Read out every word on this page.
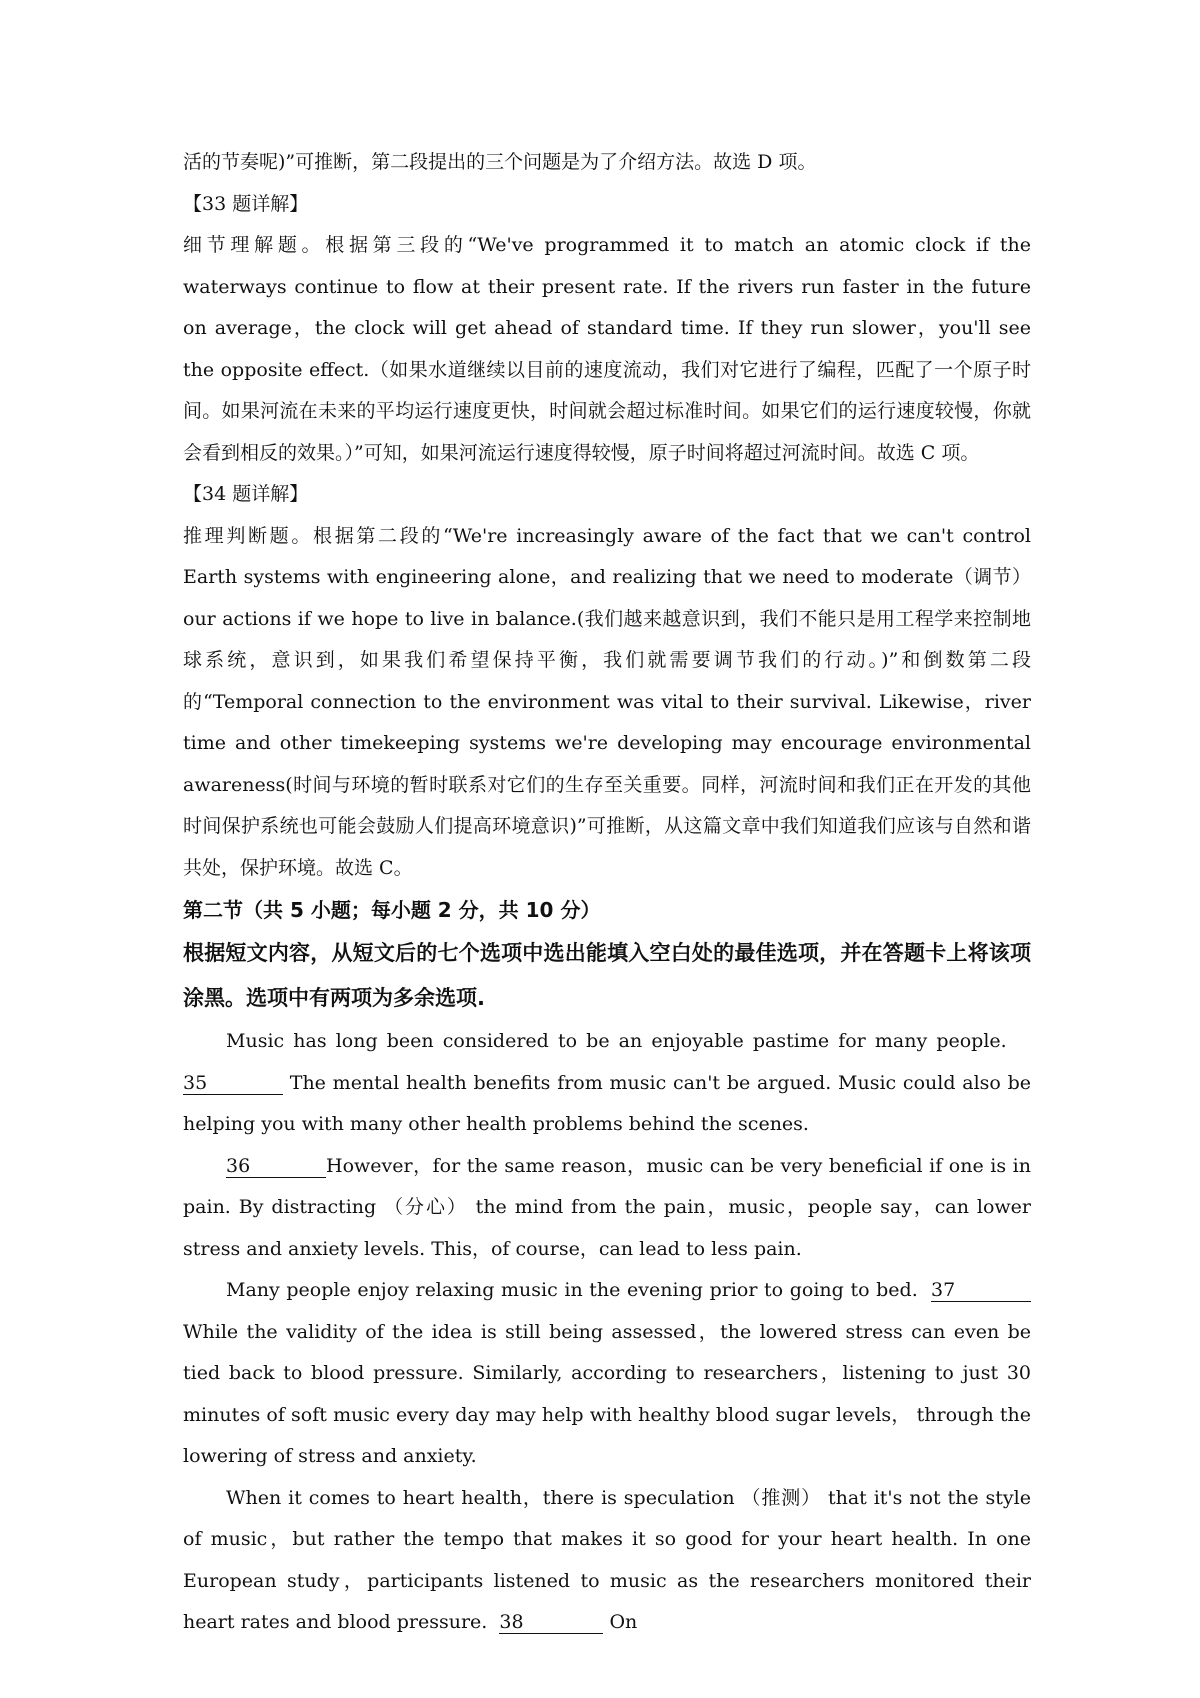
活的节奏呢)”可推断，第二段提出的三个问题是为了介绍方法。故选 D 项。

【33 题详解】

细节理解题。根据第三段的“We've programmed it to match an atomic clock if the waterways continue to flow at their present rate. If the rivers run faster in the future on average，the clock will get ahead of standard time. If they run slower，you'll see the opposite effect.（如果水道继续以目前的速度流动，我们对它进行了编程，匹配了一个原子时间。如果河流在未来的平均运行速度更快，时间就会超过标准时间。如果它们的运行速度较慢，你就会看到相反的效果。）”可知，如果河流运行速度得较慢，原子时间将超过河流时间。故选 C 项。

【34 题详解】

推理判断题。根据第二段的“We're increasingly aware of the fact that we can't control Earth systems with engineering alone，and realizing that we need to moderate（调节）our actions if we hope to live in balance.(我们越来越意识到，我们不能只是用工程学来控制地球系统，意识到，如果我们希望保持平衡，我们就需要调节我们的行动。)”和倒数第二段的“Temporal connection to the environment was vital to their survival. Likewise，river time and other timekeeping systems we're developing may encourage environmental awareness(时间与环境的暂时联系对它们的生存至关重要。同样，河流时间和我们正在开发的其他时间保护系统也可能会鼓励人们提高环境意识)”可推断，从这篇文章中我们知道我们应该与自然和谐共处，保护环境。故选 C。

第二节（共 5 小题；每小题 2 分，共 10 分）

根据短文内容，从短文后的七个选项中选出能填入空白处的最佳选项，并在答题卡上将该项涂黑。选项中有两项为多余选项.

Music has long been considered to be an enjoyable pastime for many people.   35	The mental health benefits from music can't be argued. Music could also be helping you with many other health problems behind the scenes.

36	However，for the same reason，music can be very beneficial if one is in pain. By distracting （分心） the mind from the pain，music，people say，can lower stress and anxiety levels. This，of course，can lead to less pain.

Many people enjoy relaxing music in the evening prior to going to bed. 37While the validity of the idea is still being assessed，the lowered stress can even be tied back to blood pressure. Similarly, according to researchers，listening to just 30 minutes of soft music every day may help with healthy blood sugar levels， through the lowering of stress and anxiety.

When it comes to heart health，there is speculation （推测） that it's not the style of music，but rather the tempo that makes it so good for your heart health. In one European study，participants listened to music as the researchers monitored their heart rates and blood pressure. 38	On
